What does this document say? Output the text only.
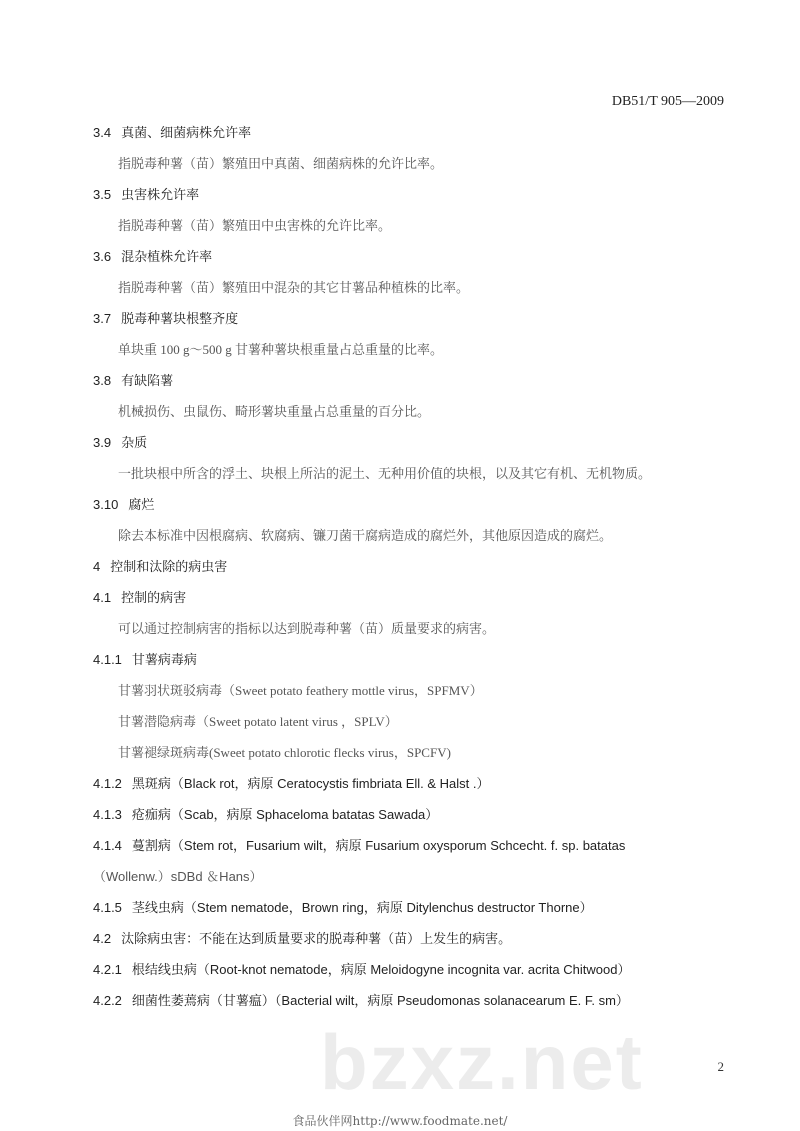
bzxz.net
DB51/T 905—2009
3.4 真菌、细菌病株允许率
指脱毒种薯（苗）繁殖田中真菌、细菌病株的允许比率。
3.5 虫害株允许率
指脱毒种薯（苗）繁殖田中虫害株的允许比率。
3.6 混杂植株允许率
指脱毒种薯（苗）繁殖田中混杂的其它甘薯品种植株的比率。
3.7 脱毒种薯块根整齐度
单块重 100 g～500 g 甘薯种薯块根重量占总重量的比率。
3.8 有缺陷薯
机械损伤、虫鼠伤、畸形薯块重量占总重量的百分比。
3.9 杂质
一批块根中所含的浮土、块根上所沾的泥土、无种用价值的块根，以及其它有机、无机物质。
3.10 腐烂
除去本标准中因根腐病、软腐病、镰刀菌干腐病造成的腐烂外，其他原因造成的腐烂。
4 控制和汰除的病虫害
4.1 控制的病害
可以通过控制病害的指标以达到脱毒种薯（苗）质量要求的病害。
4.1.1 甘薯病毒病
甘薯羽状斑驳病毒（Sweet potato feathery mottle virus，SPFMV）
甘薯潜隐病毒（Sweet potato latent virus ，SPLV）
甘薯褪绿斑病毒(Sweet potato chlorotic flecks virus，SPCFV)
4.1.2 黑斑病（Black rot，病原 Ceratocystis fimbriata Ell. & Halst .）
4.1.3 疮痂病（Scab，病原 Sphaceloma batatas Sawada）
4.1.4 蔓割病（Stem rot，Fusarium wilt，病原 Fusarium oxysporum Schcecht. f. sp. batatas
（Wollenw.）sDBd ＆Hans）
4.1.5 茎线虫病（Stem nematode，Brown ring，病原 Ditylenchus destructor Thorne）
4.2 汰除病虫害：不能在达到质量要求的脱毒种薯（苗）上发生的病害。
4.2.1 根结线虫病（Root-knot nematode，病原 Meloidogyne incognita var. acrita Chitwood）
4.2.2 细菌性萎蔫病（甘薯瘟）（Bacterial wilt，病原 Pseudomonas solanacearum E. F. sm）
2
食品伙伴网http://www.foodmate.net/
